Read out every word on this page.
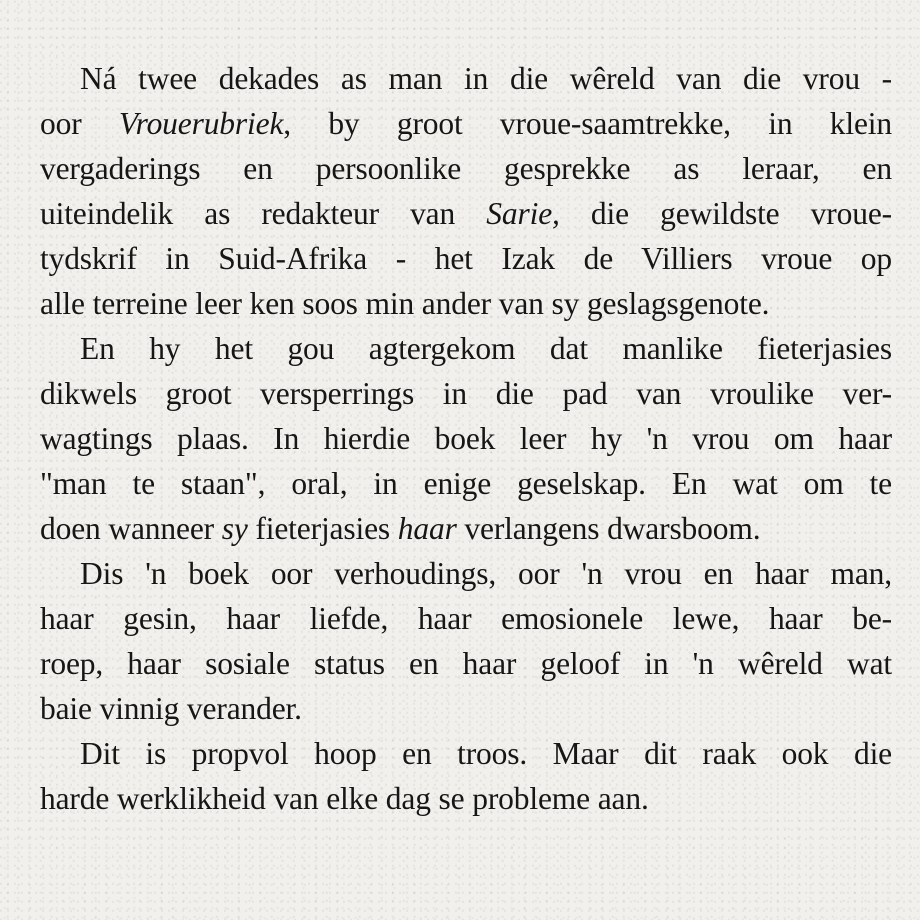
Ná twee dekades as man in die wêreld van die vrou -
oor Vrouerubriek, by groot vroue-saamtrekke, in klein
vergaderings en persoonlike gesprekke as leraar, en
uiteindelik as redakteur van Sarie, die gewildste vroue-
tydskrif in Suid-Afrika - het Izak de Villiers vroue op
alle terreine leer ken soos min ander van sy geslagsgenote.
En hy het gou agtergekom dat manlike fieterjasies
dikwels groot versperrings in die pad van vroulike ver-
wagtings plaas. In hierdie boek leer hy 'n vrou om haar
"man te staan", oral, in enige geselskap. En wat om te
doen wanneer sy fieterjasies haar verlangens dwarsboom.
Dis 'n boek oor verhoudings, oor 'n vrou en haar man,
haar gesin, haar liefde, haar emosionele lewe, haar be-
roep, haar sosiale status en haar geloof in 'n wêreld wat
baie vinnig verander.
Dit is propvol hoop en troos. Maar dit raak ook die
harde werklikheid van elke dag se probleme aan.
